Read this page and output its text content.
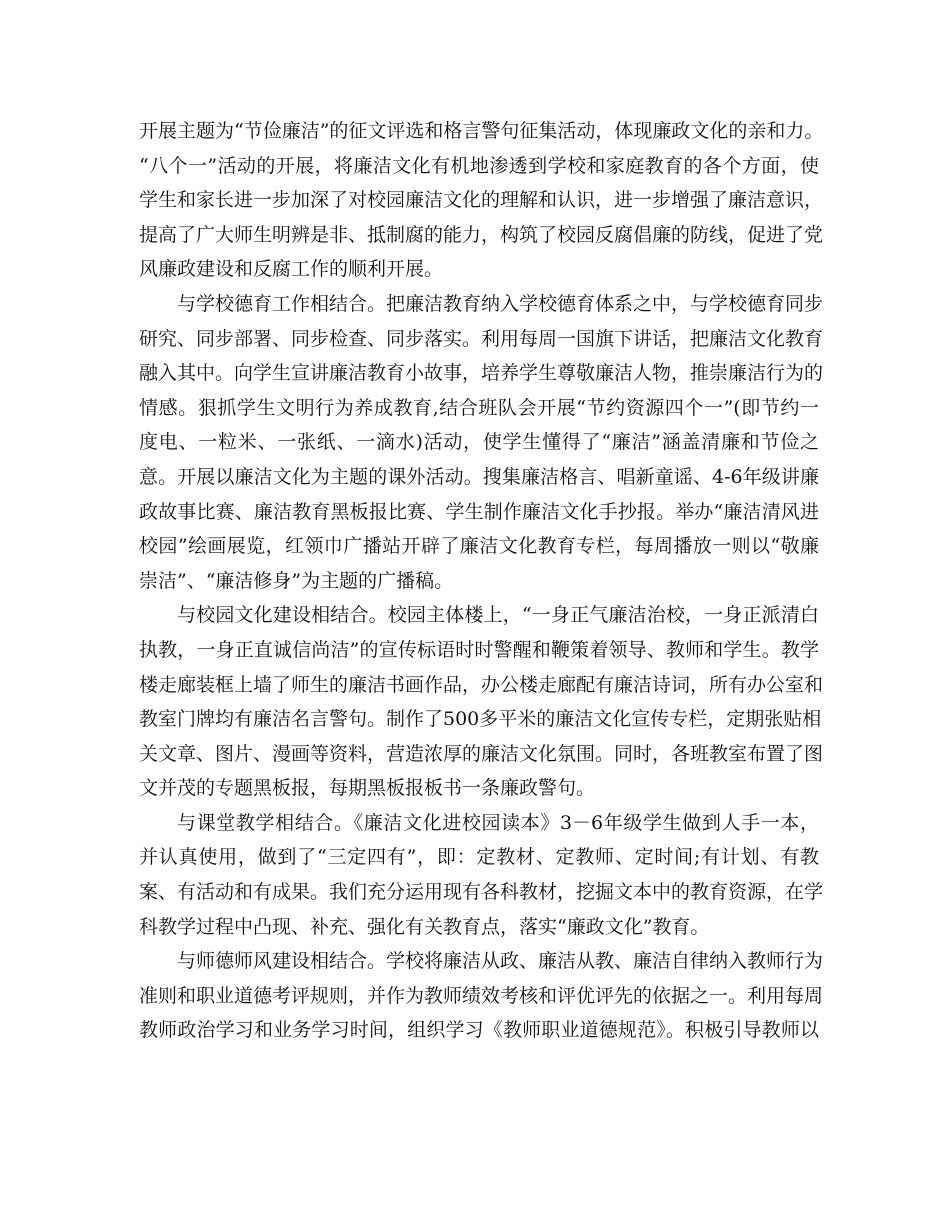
开展主题为“节俭廉洁”的征文评选和格言警句征集活动，体现廉政文化的亲和力。
“八个一”活动的开展，将廉洁文化有机地渗透到学校和家庭教育的各个方面，使
学生和家长进一步加深了对校园廉洁文化的理解和认识，进一步增强了廉洁意识，
提高了广大师生明辨是非、抵制腐的能力，构筑了校园反腐倡廉的防线，促进了党
风廉政建设和反腐工作的顺利开展。
与学校德育工作相结合。把廉洁教育纳入学校德育体系之中，与学校德育同步
研究、同步部署、同步检查、同步落实。利用每周一国旗下讲话，把廉洁文化教育
融入其中。向学生宣讲廉洁教育小故事，培养学生尊敬廉洁人物，推崇廉洁行为的
情感。狠抓学生文明行为养成教育,结合班队会开展“节约资源四个一”(即节约一
度电、一粒米、一张纸、一滴水)活动，使学生懂得了“廉洁”涵盖清廉和节俭之
意。开展以廉洁文化为主题的课外活动。搜集廉洁格言、唱新童谣、4-6年级讲廉
政故事比赛、廉洁教育黑板报比赛、学生制作廉洁文化手抄报。举办“廉洁清风进
校园”绘画展览，红领巾广播站开辟了廉洁文化教育专栏，每周播放一则以“敬廉
崇洁”、“廉洁修身”为主题的广播稿。
与校园文化建设相结合。校园主体楼上，“一身正气廉洁治校，一身正派清白
执教，一身正直诚信尚洁”的宣传标语时时警醒和鞭策着领导、教师和学生。教学
楼走廊装框上墙了师生的廉洁书画作品，办公楼走廊配有廉洁诗词，所有办公室和
教室门牌均有廉洁名言警句。制作了500多平米的廉洁文化宣传专栏，定期张贴相
关文章、图片、漫画等资料，营造浓厚的廉洁文化氛围。同时，各班教室布置了图
文并茂的专题黑板报，每期黑板报板书一条廉政警句。
与课堂教学相结合。《廉洁文化进校园读本》3－6年级学生做到人手一本，
并认真使用，做到了“三定四有”，即：定教材、定教师、定时间;有计划、有教
案、有活动和有成果。我们充分运用现有各科教材，挖掘文本中的教育资源，在学
科教学过程中凸现、补充、强化有关教育点，落实“廉政文化”教育。
与师德师风建设相结合。学校将廉洁从政、廉洁从教、廉洁自律纳入教师行为
准则和职业道德考评规则，并作为教师绩效考核和评优评先的依据之一。利用每周
教师政治学习和业务学习时间，组织学习《教师职业道德规范》。积极引导教师以
